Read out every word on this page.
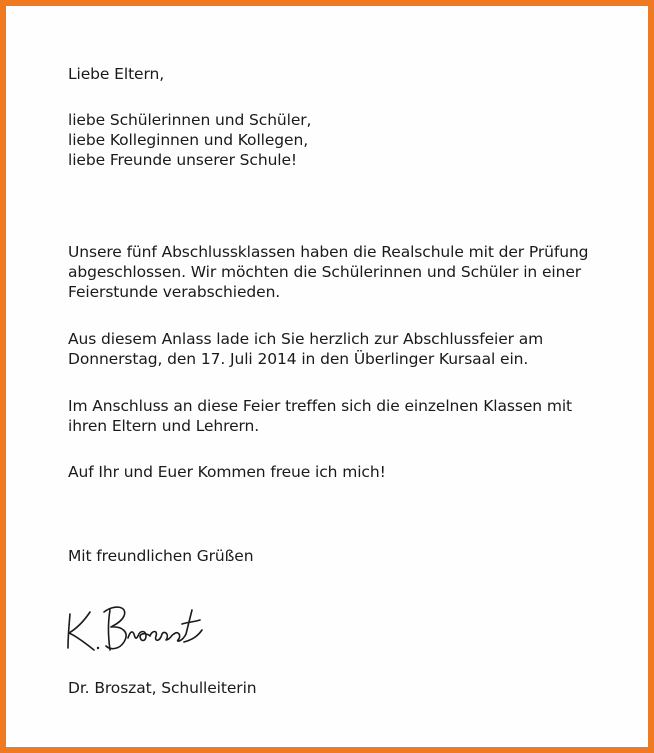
Liebe Eltern,
liebe Schülerinnen und Schüler,
liebe Kolleginnen und Kollegen,
liebe Freunde unserer Schule!
Unsere fünf Abschlussklassen haben die Realschule mit der Prüfung
abgeschlossen. Wir möchten die Schülerinnen und Schüler in einer
Feierstunde verabschieden.
Aus diesem Anlass lade ich Sie herzlich zur Abschlussfeier am
Donnerstag, den 17. Juli 2014 in den Überlinger Kursaal ein.
Im Anschluss an diese Feier treffen sich die einzelnen Klassen mit
ihren Eltern und Lehrern.
Auf Ihr und Euer Kommen freue ich mich!
Mit freundlichen Grüßen
Dr. Broszat, Schulleiterin
